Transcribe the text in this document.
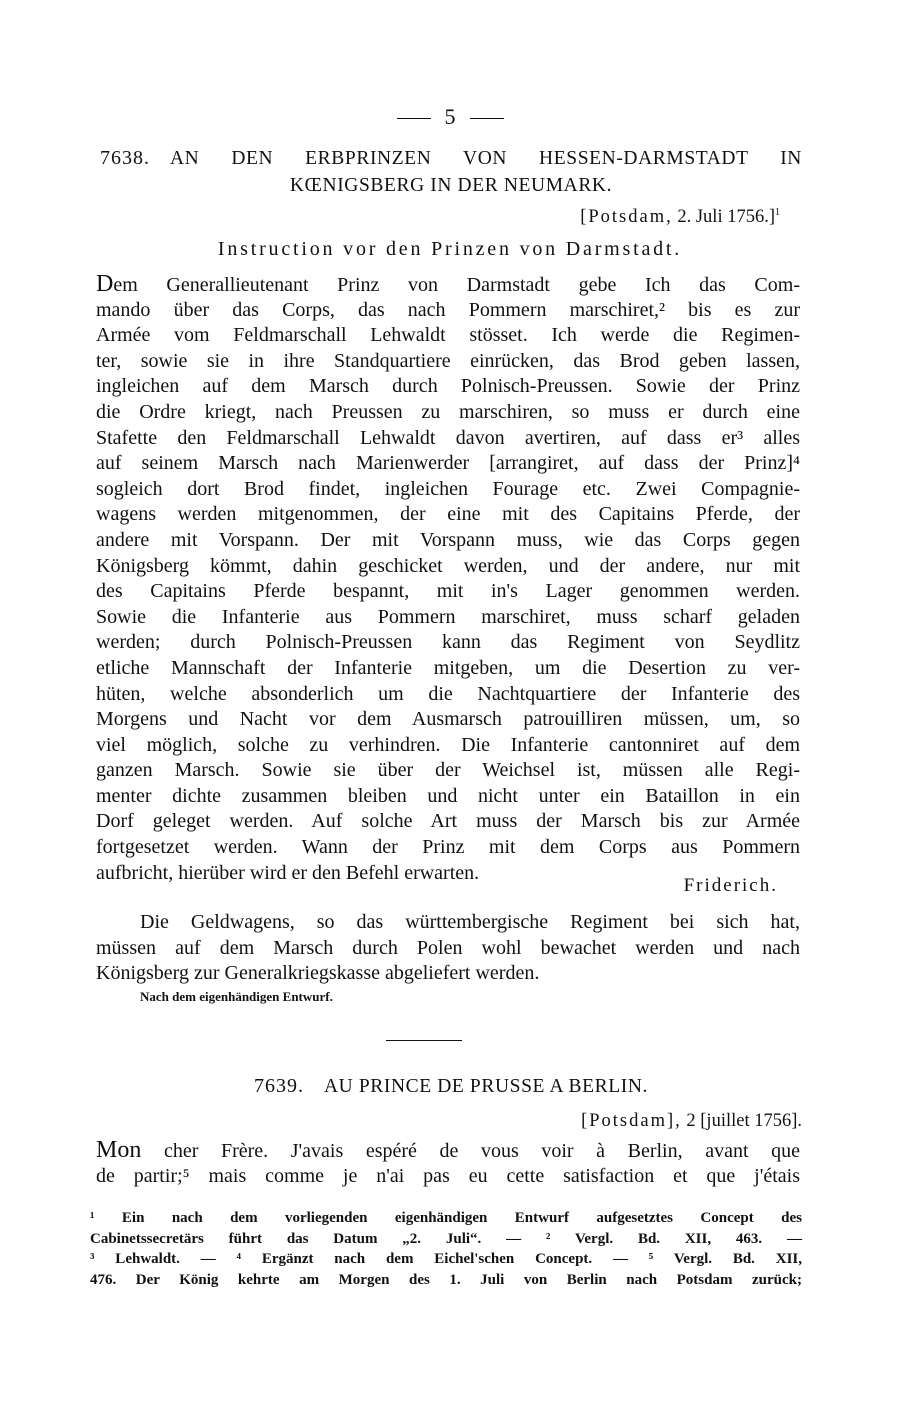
5
7638. AN DEN ERBPRINZEN VON HESSEN-DARMSTADT IN
KŒNIGSBERG IN DER NEUMARK.
[Potsdam, 2. Juli 1756.]$^1$
Instruction vor den Prinzen von Darmstadt.
Dem Generallieutenant Prinz von Darmstadt gebe Ich das Com-
mando über das Corps, das nach Pommern marschiret,² bis es zur
Armée vom Feldmarschall Lehwaldt stösset. Ich werde die Regimen-
ter, sowie sie in ihre Standquartiere einrücken, das Brod geben lassen,
ingleichen auf dem Marsch durch Polnisch-Preussen. Sowie der Prinz
die Ordre kriegt, nach Preussen zu marschiren, so muss er durch eine
Stafette den Feldmarschall Lehwaldt davon avertiren, auf dass er³ alles
auf seinem Marsch nach Marienwerder [arrangiret, auf dass der Prinz]⁴
sogleich dort Brod findet, ingleichen Fourage etc. Zwei Compagnie-
wagens werden mitgenommen, der eine mit des Capitains Pferde, der
andere mit Vorspann. Der mit Vorspann muss, wie das Corps gegen
Königsberg kömmt, dahin geschicket werden, und der andere, nur mit
des Capitains Pferde bespannt, mit in's Lager genommen werden.
Sowie die Infanterie aus Pommern marschiret, muss scharf geladen
werden; durch Polnisch-Preussen kann das Regiment von Seydlitz
etliche Mannschaft der Infanterie mitgeben, um die Desertion zu ver-
hüten, welche absonderlich um die Nachtquartiere der Infanterie des
Morgens und Nacht vor dem Ausmarsch patrouilliren müssen, um, so
viel möglich, solche zu verhindren. Die Infanterie cantonniret auf dem
ganzen Marsch. Sowie sie über der Weichsel ist, müssen alle Regi-
menter dichte zusammen bleiben und nicht unter ein Bataillon in ein
Dorf geleget werden. Auf solche Art muss der Marsch bis zur Armée
fortgesetzet werden. Wann der Prinz mit dem Corps aus Pommern
aufbricht, hierüber wird er den Befehl erwarten.
Friderich.
Die Geldwagens, so das württembergische Regiment bei sich hat,
müssen auf dem Marsch durch Polen wohl bewachet werden und nach
Königsberg zur Generalkriegskasse abgeliefert werden.
Nach dem eigenhändigen Entwurf.
7639. AU PRINCE DE PRUSSE A BERLIN.
[Potsdam], 2 [juillet 1756].
Mon cher Frère. J'avais espéré de vous voir à Berlin, avant que
de partir;⁵ mais comme je n'ai pas eu cette satisfaction et que j'étais
¹ Ein nach dem vorliegenden eigenhändigen Entwurf aufgesetztes Concept des
Cabinetssecretärs führt das Datum „2. Juli“. — ² Vergl. Bd. XII, 463. —
³ Lehwaldt. — ⁴ Ergänzt nach dem Eichel'schen Concept. — ⁵ Vergl. Bd. XII,
476. Der König kehrte am Morgen des 1. Juli von Berlin nach Potsdam zurück;
